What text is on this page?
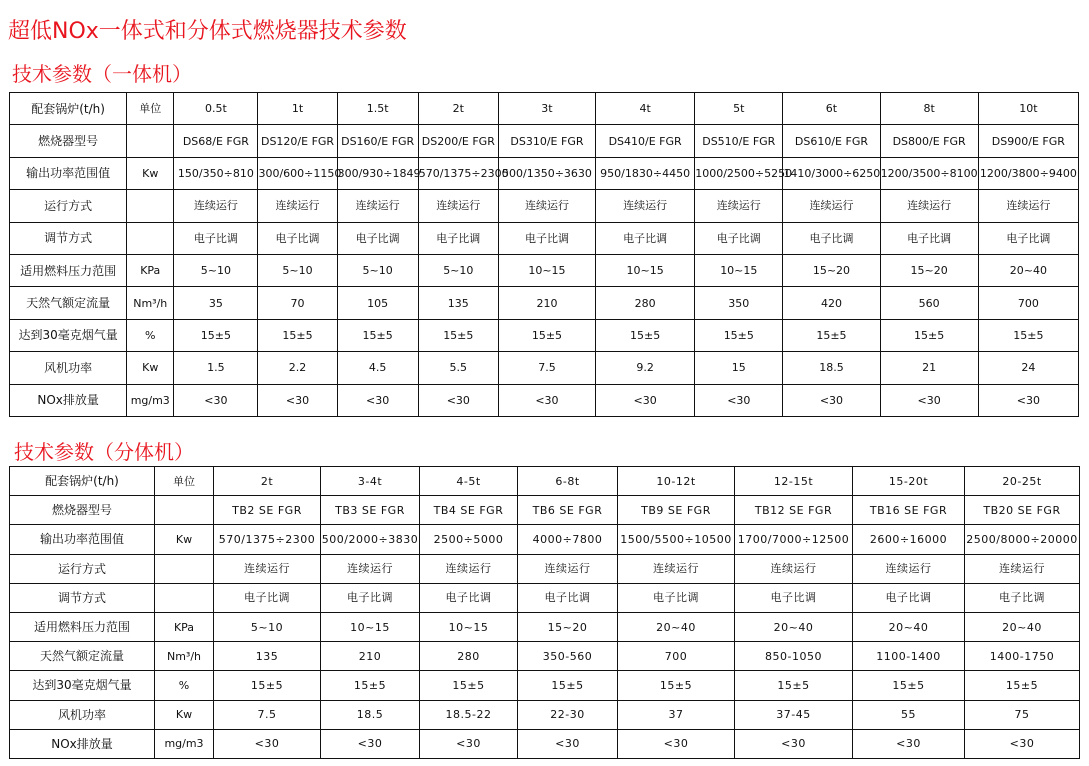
超低NOx一体式和分体式燃烧器技术参数
技术参数（一体机）
配套锅炉(t/h)	单位	0.5t	1t	1.5t	2t	3t	4t	5t	6t	8t	10t
燃烧器型号		DS68/E FGR	DS120/E FGR	DS160/E FGR	DS200/E FGR	DS310/E FGR	DS410/E FGR	DS510/E FGR	DS610/E FGR	DS800/E FGR	DS900/E FGR
输出功率范围值	Kw	150/350÷810	300/600÷1150	300/930÷1849	570/1375÷2300	500/1350÷3630	950/1830÷4450	1000/2500÷5250	1410/3000÷6250	1200/3500÷8100	1200/3800÷9400
运行方式		连续运行	连续运行	连续运行	连续运行	连续运行	连续运行	连续运行	连续运行	连续运行	连续运行
调节方式		电子比调	电子比调	电子比调	电子比调	电子比调	电子比调	电子比调	电子比调	电子比调	电子比调
适用燃料压力范围	KPa	5~10	5~10	5~10	5~10	10~15	10~15	10~15	15~20	15~20	20~40
天然气额定流量	Nm³/h	35	70	105	135	210	280	350	420	560	700
达到30毫克烟气量	%	15±5	15±5	15±5	15±5	15±5	15±5	15±5	15±5	15±5	15±5
风机功率	Kw	1.5	2.2	4.5	5.5	7.5	9.2	15	18.5	21	24
NOx排放量	mg/m3	<30	<30	<30	<30	<30	<30	<30	<30	<30	<30
技术参数（分体机）
配套锅炉(t/h)	单位	2t	3-4t	4-5t	6-8t	10-12t	12-15t	15-20t	20-25t
燃烧器型号		TB2 SE FGR	TB3 SE FGR	TB4 SE FGR	TB6 SE FGR	TB9 SE FGR	TB12 SE FGR	TB16 SE FGR	TB20 SE FGR
输出功率范围值	Kw	570/1375÷2300	500/2000÷3830	2500÷5000	4000÷7800	1500/5500÷10500	1700/7000÷12500	2600÷16000	2500/8000÷20000
运行方式		连续运行	连续运行	连续运行	连续运行	连续运行	连续运行	连续运行	连续运行
调节方式		电子比调	电子比调	电子比调	电子比调	电子比调	电子比调	电子比调	电子比调
适用燃料压力范围	KPa	5~10	10~15	10~15	15~20	20~40	20~40	20~40	20~40
天然气额定流量	Nm³/h	135	210	280	350-560	700	850-1050	1100-1400	1400-1750
达到30毫克烟气量	%	15±5	15±5	15±5	15±5	15±5	15±5	15±5	15±5
风机功率	Kw	7.5	18.5	18.5-22	22-30	37	37-45	55	75
NOx排放量	mg/m3	<30	<30	<30	<30	<30	<30	<30	<30
